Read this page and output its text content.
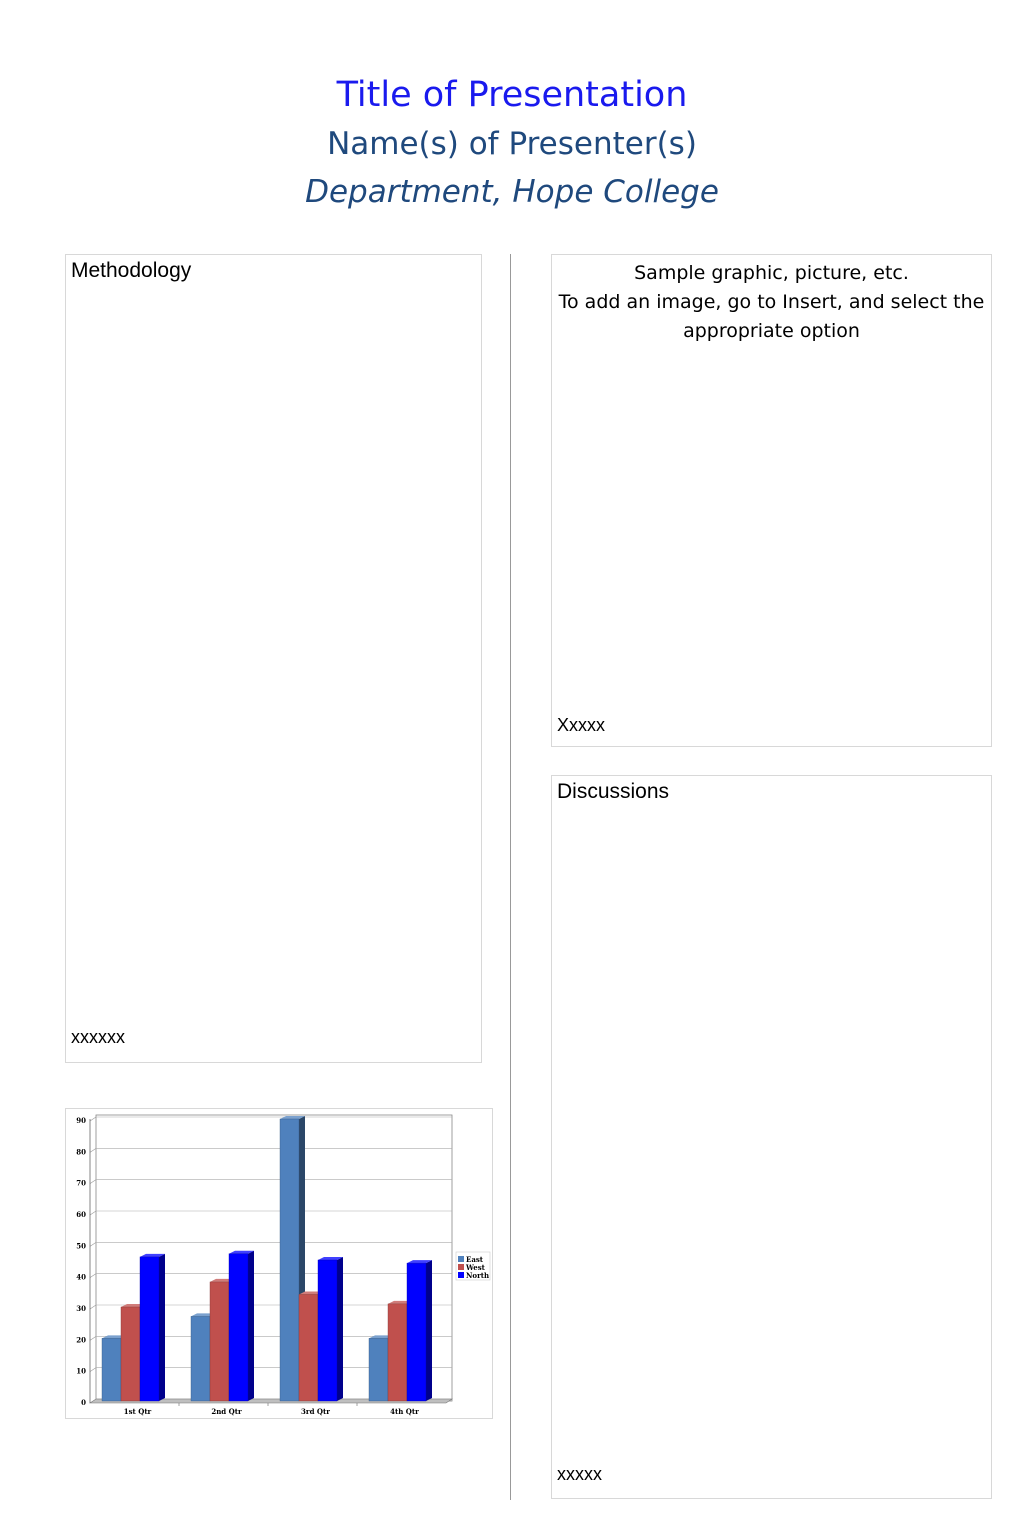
Title of Presentation
Name(s) of Presenter(s)
Department, Hope College
Methodology
xxxxxx
Sample graphic, picture, etc.
To add an image, go to Insert, and select the
appropriate option
Xxxxx
Discussions
xxxxx
0
10
20
30
40
50
60
70
80
90
1st Qtr	2nd Qtr	3rd Qtr	4th Qtr
East
West
North
